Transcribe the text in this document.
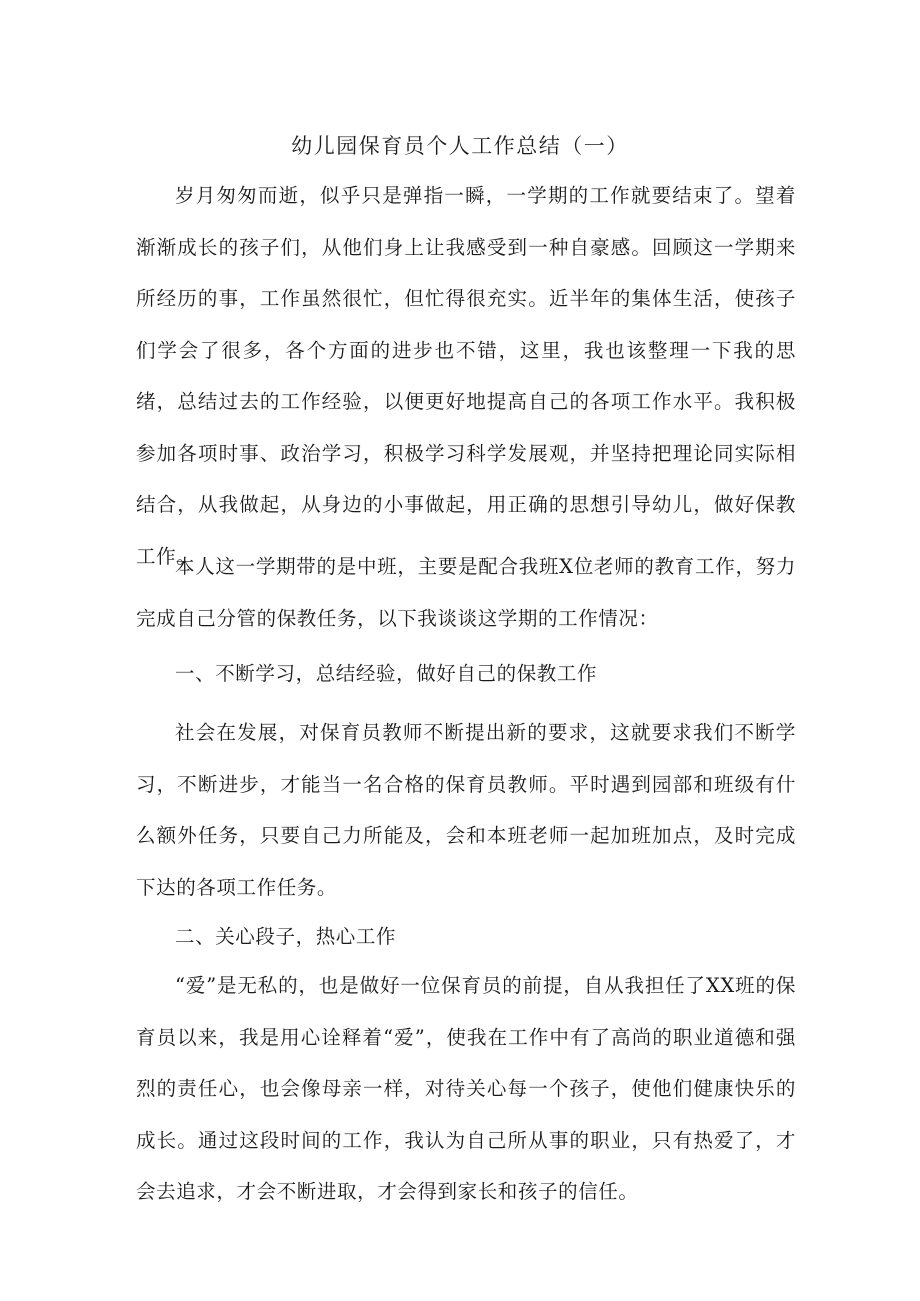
幼儿园保育员个人工作总结（一）

岁月匆匆而逝，似乎只是弹指一瞬，一学期的工作就要结束了。望着渐渐成长的孩子们，从他们身上让我感受到一种自豪感。回顾这一学期来所经历的事，工作虽然很忙，但忙得很充实。近半年的集体生活，使孩子们学会了很多，各个方面的进步也不错，这里，我也该整理一下我的思绪，总结过去的工作经验，以便更好地提高自己的各项工作水平。我积极参加各项时事、政治学习，积极学习科学发展观，并坚持把理论同实际相结合，从我做起，从身边的小事做起，用正确的思想引导幼儿，做好保教工作。

本人这一学期带的是中班，主要是配合我班X位老师的教育工作，努力完成自己分管的保教任务，以下我谈谈这学期的工作情况：

一、不断学习，总结经验，做好自己的保教工作

社会在发展，对保育员教师不断提出新的要求，这就要求我们不断学习，不断进步，才能当一名合格的保育员教师。平时遇到园部和班级有什么额外任务，只要自己力所能及，会和本班老师一起加班加点，及时完成下达的各项工作任务。

二、关心段子，热心工作

“爱”是无私的，也是做好一位保育员的前提，自从我担任了XX班的保育员以来，我是用心诠释着“爱”，使我在工作中有了高尚的职业道德和强烈的责任心，也会像母亲一样，对待关心每一个孩子，使他们健康快乐的成长。通过这段时间的工作，我认为自己所从事的职业，只有热爱了，才会去追求，才会不断进取，才会得到家长和孩子的信任。
